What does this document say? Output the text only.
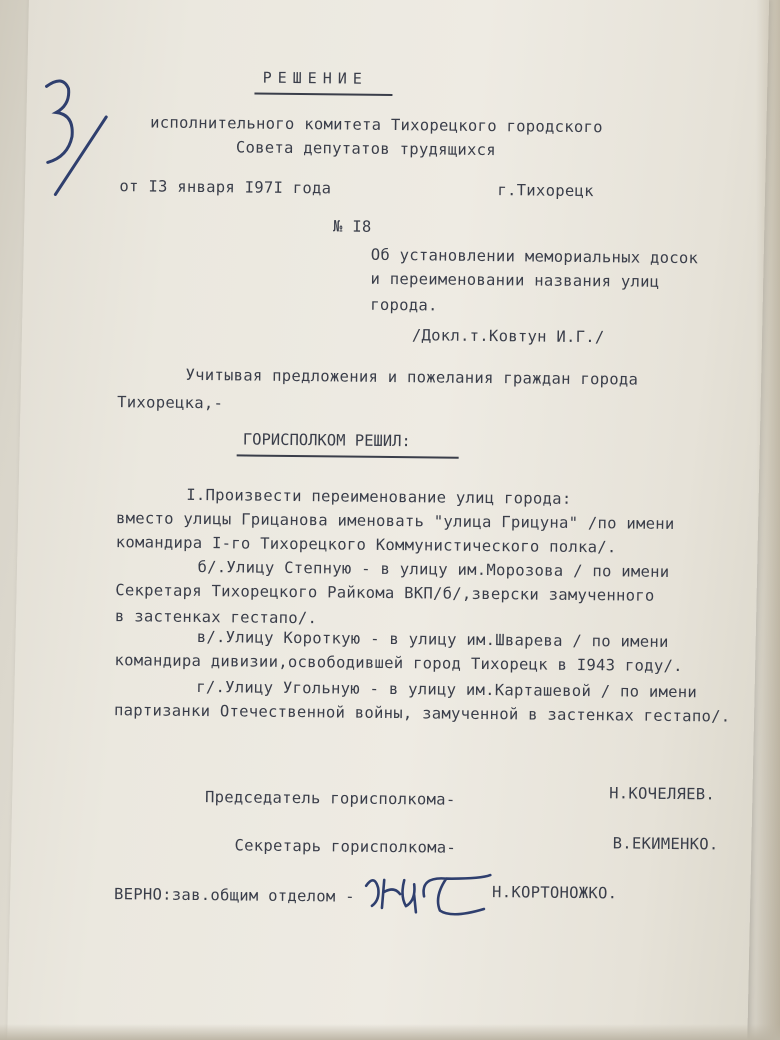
РЕШЕНИЕ

исполнительного комитета Тихорецкого городского

Совета депутатов трудящихся

от I3 января I97I года	г.Тихорецк

№ I8

Об установлении мемориальных досок

и переименовании названия улиц

города.

/Докл.т.Ковтун И.Г./

Учитывая предложения и пожелания граждан города

Тихорецка,-

ГОРИСПОЛКОМ РЕШИЛ:

I.Произвести переименование улиц города:

вместо улицы Грицанова именовать "улица Грицуна" /по имени

командира I-го Тихорецкого Коммунистического полка/.

б/.Улицу Степную - в улицу им.Морозова / по имени

Секретаря Тихорецкого Райкома ВКП/б/,зверски замученного

в застенках гестапо/.

в/.Улицу Короткую - в улицу им.Шварева / по имени

командира дивизии,освободившей город Тихорецк в I943 году/.

г/.Улицу Угольную - в улицу им.Карташевой / по имени

партизанки Отечественной войны, замученной в застенках гестапо/.

Председатель горисполкома-	Н.КОЧЕЛЯЕВ.

Секретарь горисполкома-	В.ЕКИМЕНКО.

ВЕРНО:зав.общим отделом -	Н.КОРТОНОЖКО.
